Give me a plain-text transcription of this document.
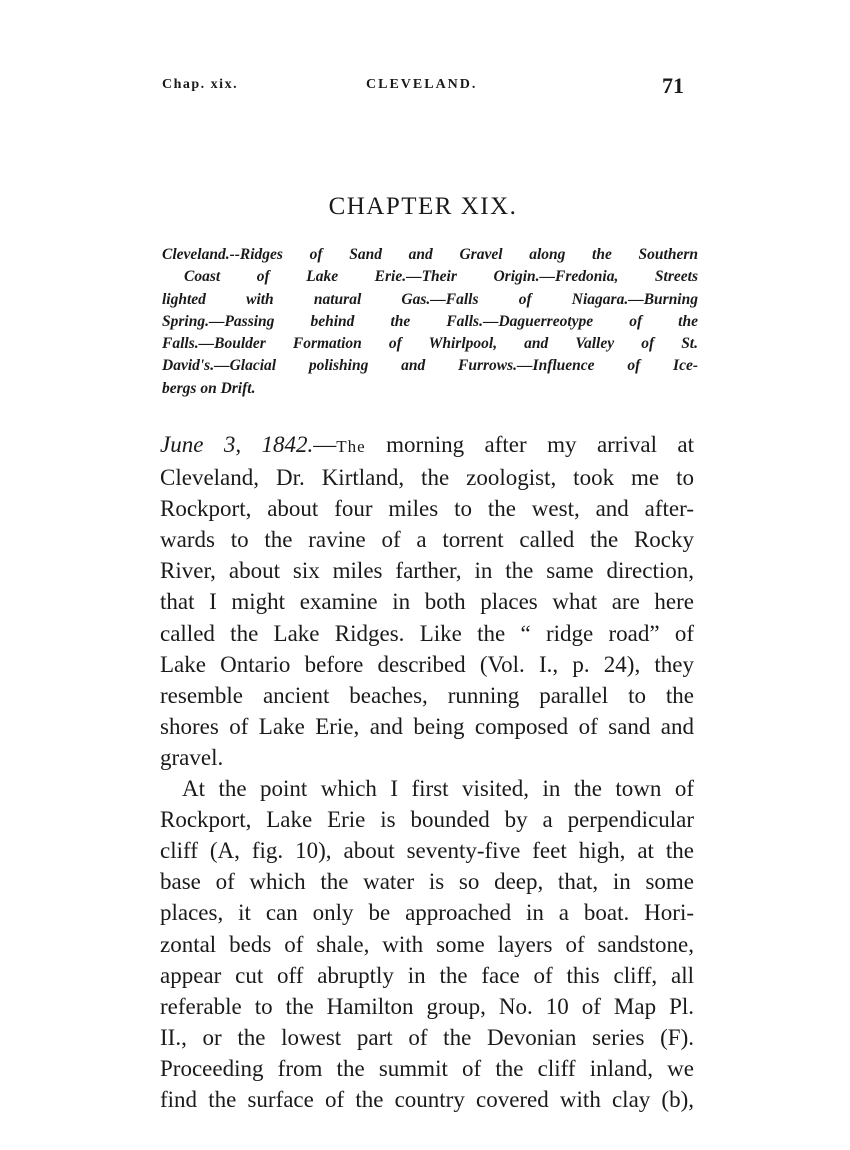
Chap. xix.	CLEVELAND.	71
CHAPTER XIX.
Cleveland.--Ridges of Sand and Gravel along the Southern
Coast of Lake Erie.—Their Origin.—Fredonia, Streets
lighted with natural Gas.—Falls of Niagara.—Burning
Spring.—Passing behind the Falls.—Daguerreotype of the
Falls.—Boulder Formation of Whirlpool, and Valley of St.
David's.—Glacial polishing and Furrows.—Influence of Ice-
bergs on Drift.
June 3, 1842.—The morning after my arrival at
Cleveland, Dr. Kirtland, the zoologist, took me to
Rockport, about four miles to the west, and after-
wards to the ravine of a torrent called the Rocky
River, about six miles farther, in the same direction,
that I might examine in both places what are here
called the Lake Ridges. Like the “ ridge road” of
Lake Ontario before described (Vol. I., p. 24), they
resemble ancient beaches, running parallel to the
shores of Lake Erie, and being composed of sand and
gravel.
At the point which I first visited, in the town of
Rockport, Lake Erie is bounded by a perpendicular
cliff (A, fig. 10), about seventy-five feet high, at the
base of which the water is so deep, that, in some
places, it can only be approached in a boat. Hori-
zontal beds of shale, with some layers of sandstone,
appear cut off abruptly in the face of this cliff, all
referable to the Hamilton group, No. 10 of Map Pl.
II., or the lowest part of the Devonian series (F).
Proceeding from the summit of the cliff inland, we
find the surface of the country covered with clay (b),
